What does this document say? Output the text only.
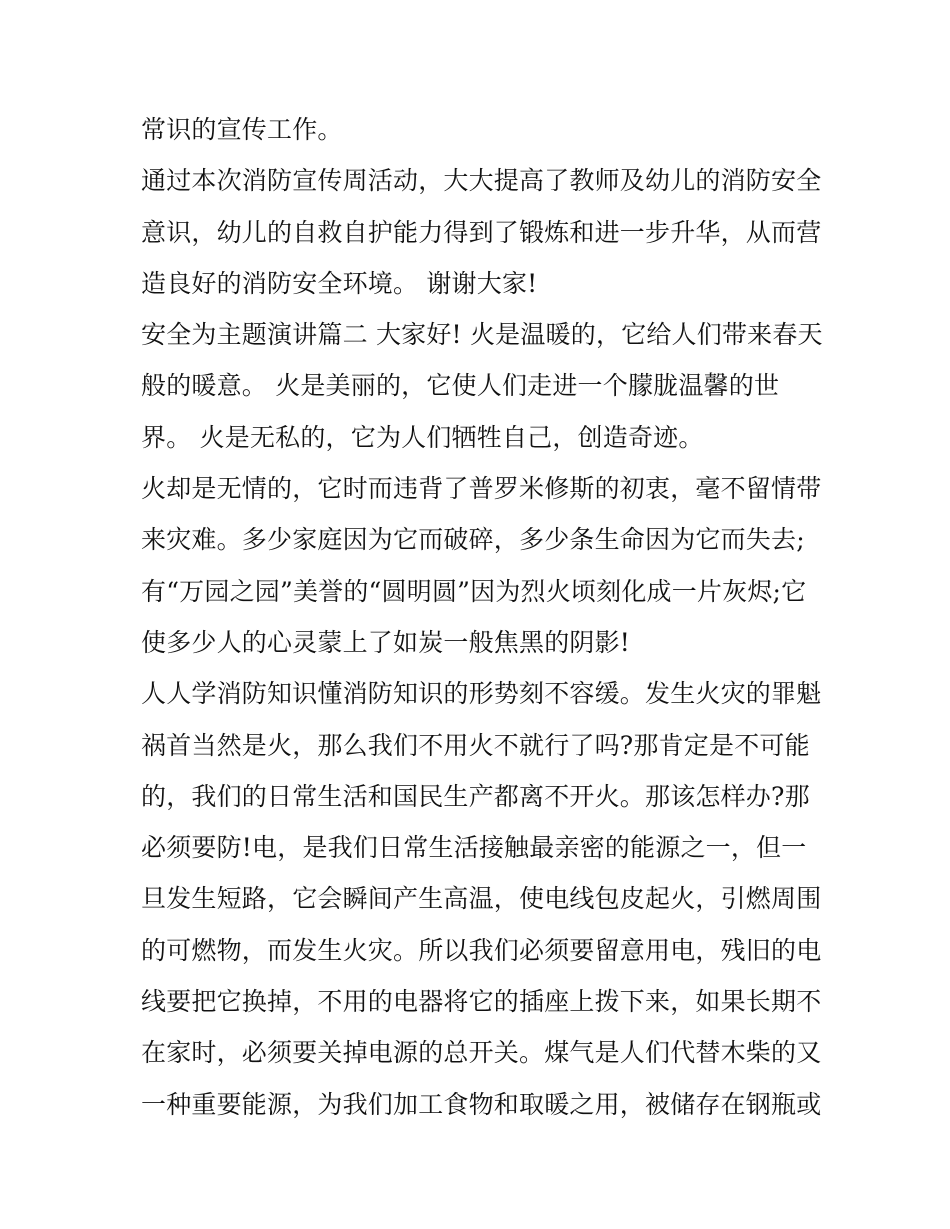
常识的宣传工作。
通过本次消防宣传周活动，大大提高了教师及幼儿的消防安全
意识，幼儿的自救自护能力得到了锻炼和进一步升华，从而营
造良好的消防安全环境。 谢谢大家!
安全为主题演讲篇二 大家好! 火是温暖的，它给人们带来春天
般的暖意。 火是美丽的，它使人们走进一个朦胧温馨的世
界。 火是无私的，它为人们牺牲自己，创造奇迹。
火却是无情的，它时而违背了普罗米修斯的初衷，毫不留情带
来灾难。多少家庭因为它而破碎，多少条生命因为它而失去;
有“万园之园”美誉的“圆明圆”因为烈火顷刻化成一片灰烬;它
使多少人的心灵蒙上了如炭一般焦黑的阴影!
人人学消防知识懂消防知识的形势刻不容缓。发生火灾的罪魁
祸首当然是火，那么我们不用火不就行了吗?那肯定是不可能
的，我们的日常生活和国民生产都离不开火。那该怎样办?那
必须要防!电，是我们日常生活接触最亲密的能源之一，但一
旦发生短路，它会瞬间产生高温，使电线包皮起火，引燃周围
的可燃物，而发生火灾。所以我们必须要留意用电，残旧的电
线要把它换掉，不用的电器将它的插座上拨下来，如果长期不
在家时，必须要关掉电源的总开关。煤气是人们代替木柴的又
一种重要能源，为我们加工食物和取暖之用，被储存在钢瓶或
